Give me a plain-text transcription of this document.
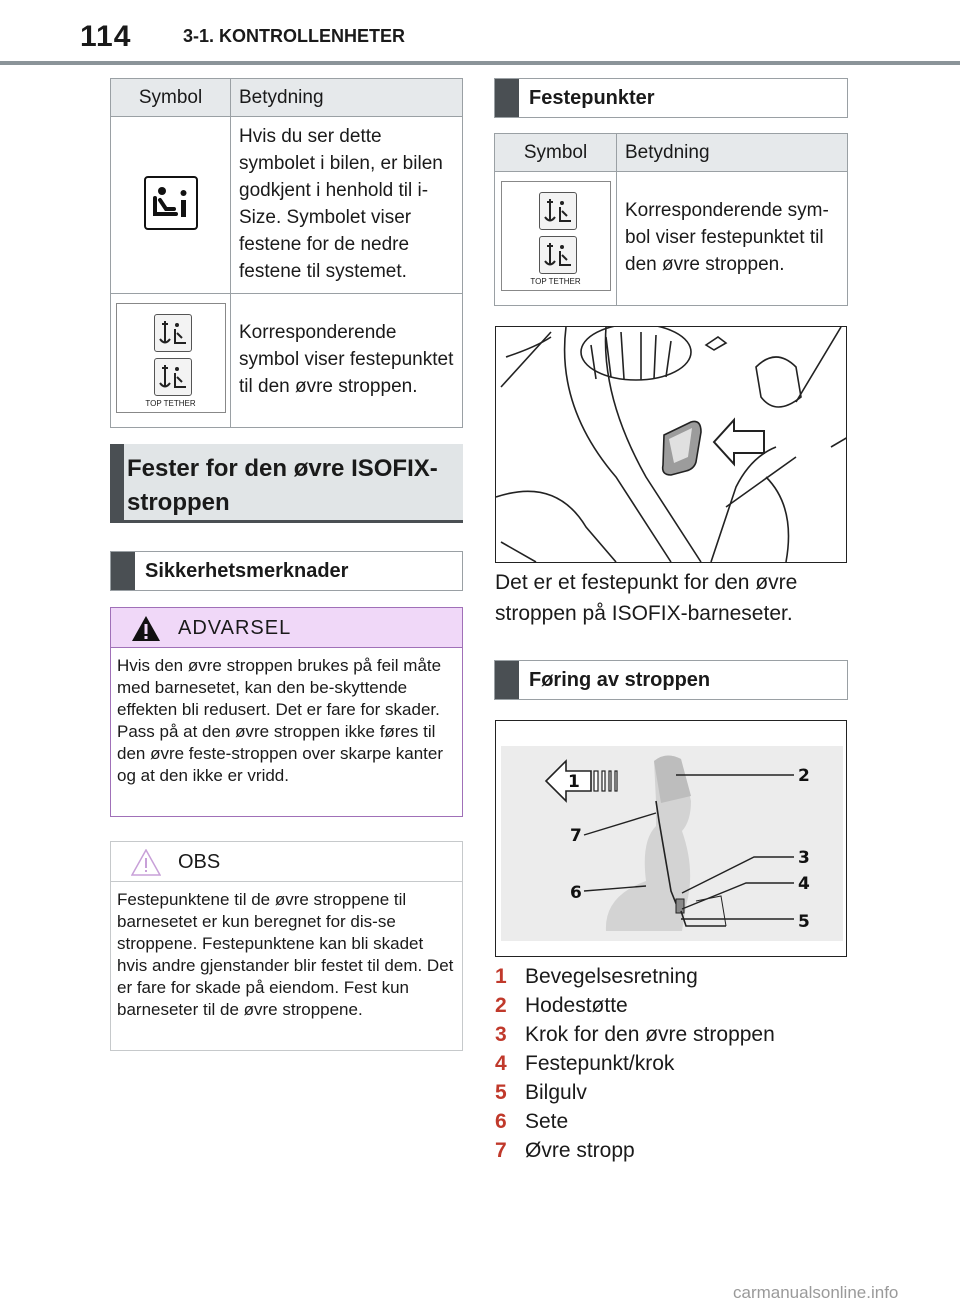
114	3-1. KONTROLLENHETER
Symbol	Betydning
	Hvis du ser dette symbolet i bilen, er bilen godkjent i henhold til i-Size. Symbolet viser festene for de nedre festene til systemet.

TOP TETHER	Korresponderende symbol viser festepunktet til den øvre stroppen.
Fester for den øvre ISOFIX-stroppen
Sikkerhetsmerknader
ADVARSEL
Hvis den øvre stroppen brukes på feil måte med barnesetet, kan den be-skyttende effekten bli redusert. Det er fare for skader. Pass på at den øvre stroppen ikke føres til den øvre feste-stroppen over skarpe kanter og at den ikke er vridd.
OBS
Festepunktene til de øvre stroppene til barnesetet er kun beregnet for dis-se stroppene. Festepunktene kan bli skadet hvis andre gjenstander blir festet til dem. Det er fare for skade på eiendom. Fest kun barneseter til de øvre stroppene.
Festepunkter
Symbol	Betydning

TOP TETHER	Korresponderende sym-bol viser festepunktet til den øvre stroppen.
Det er et festepunkt for den øvre stroppen på ISOFIX-barneseter.
Føring av stroppen
1	2
3
4
5
6
7
1 Bevegelsesretning
2 Hodestøtte
3 Krok for den øvre stroppen
4 Festepunkt/krok
5 Bilgulv
6 Sete
7 Øvre stropp
carmanualsonline.info
